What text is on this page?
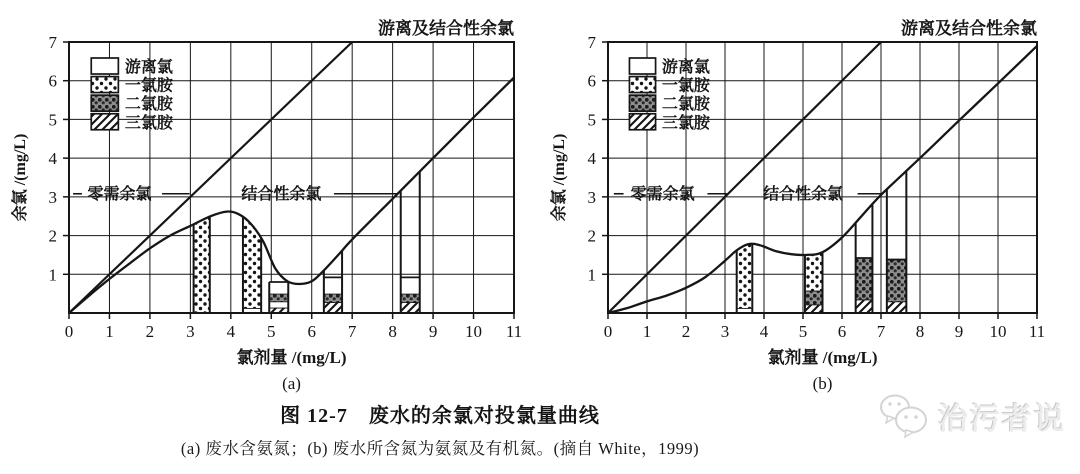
0 1 2 3 4 5 6 7 8 9 10 11
1
2
3
4
5
6
7
零需余氯	结合性余氯
游离氯
一氯胺
二氯胺
三氯胺
游离及结合性余氯
余氯 /(mg/L)
氯剂量 /(mg/L)
(a)
0 1 2 3 4 5 6 7 8 9 10 11
1
2
3
4
5
6
7
零需余氯	结合性余氯
游离氯
一氯胺
二氯胺
三氯胺
游离及结合性余氯
余氯 /(mg/L)
氯剂量 /(mg/L)
(b)
图 12-7　废水的余氯对投氯量曲线
(a) 废水含氨氮；(b) 废水所含氮为氨氮及有机氮。(摘自 White，1999)
治污者说
